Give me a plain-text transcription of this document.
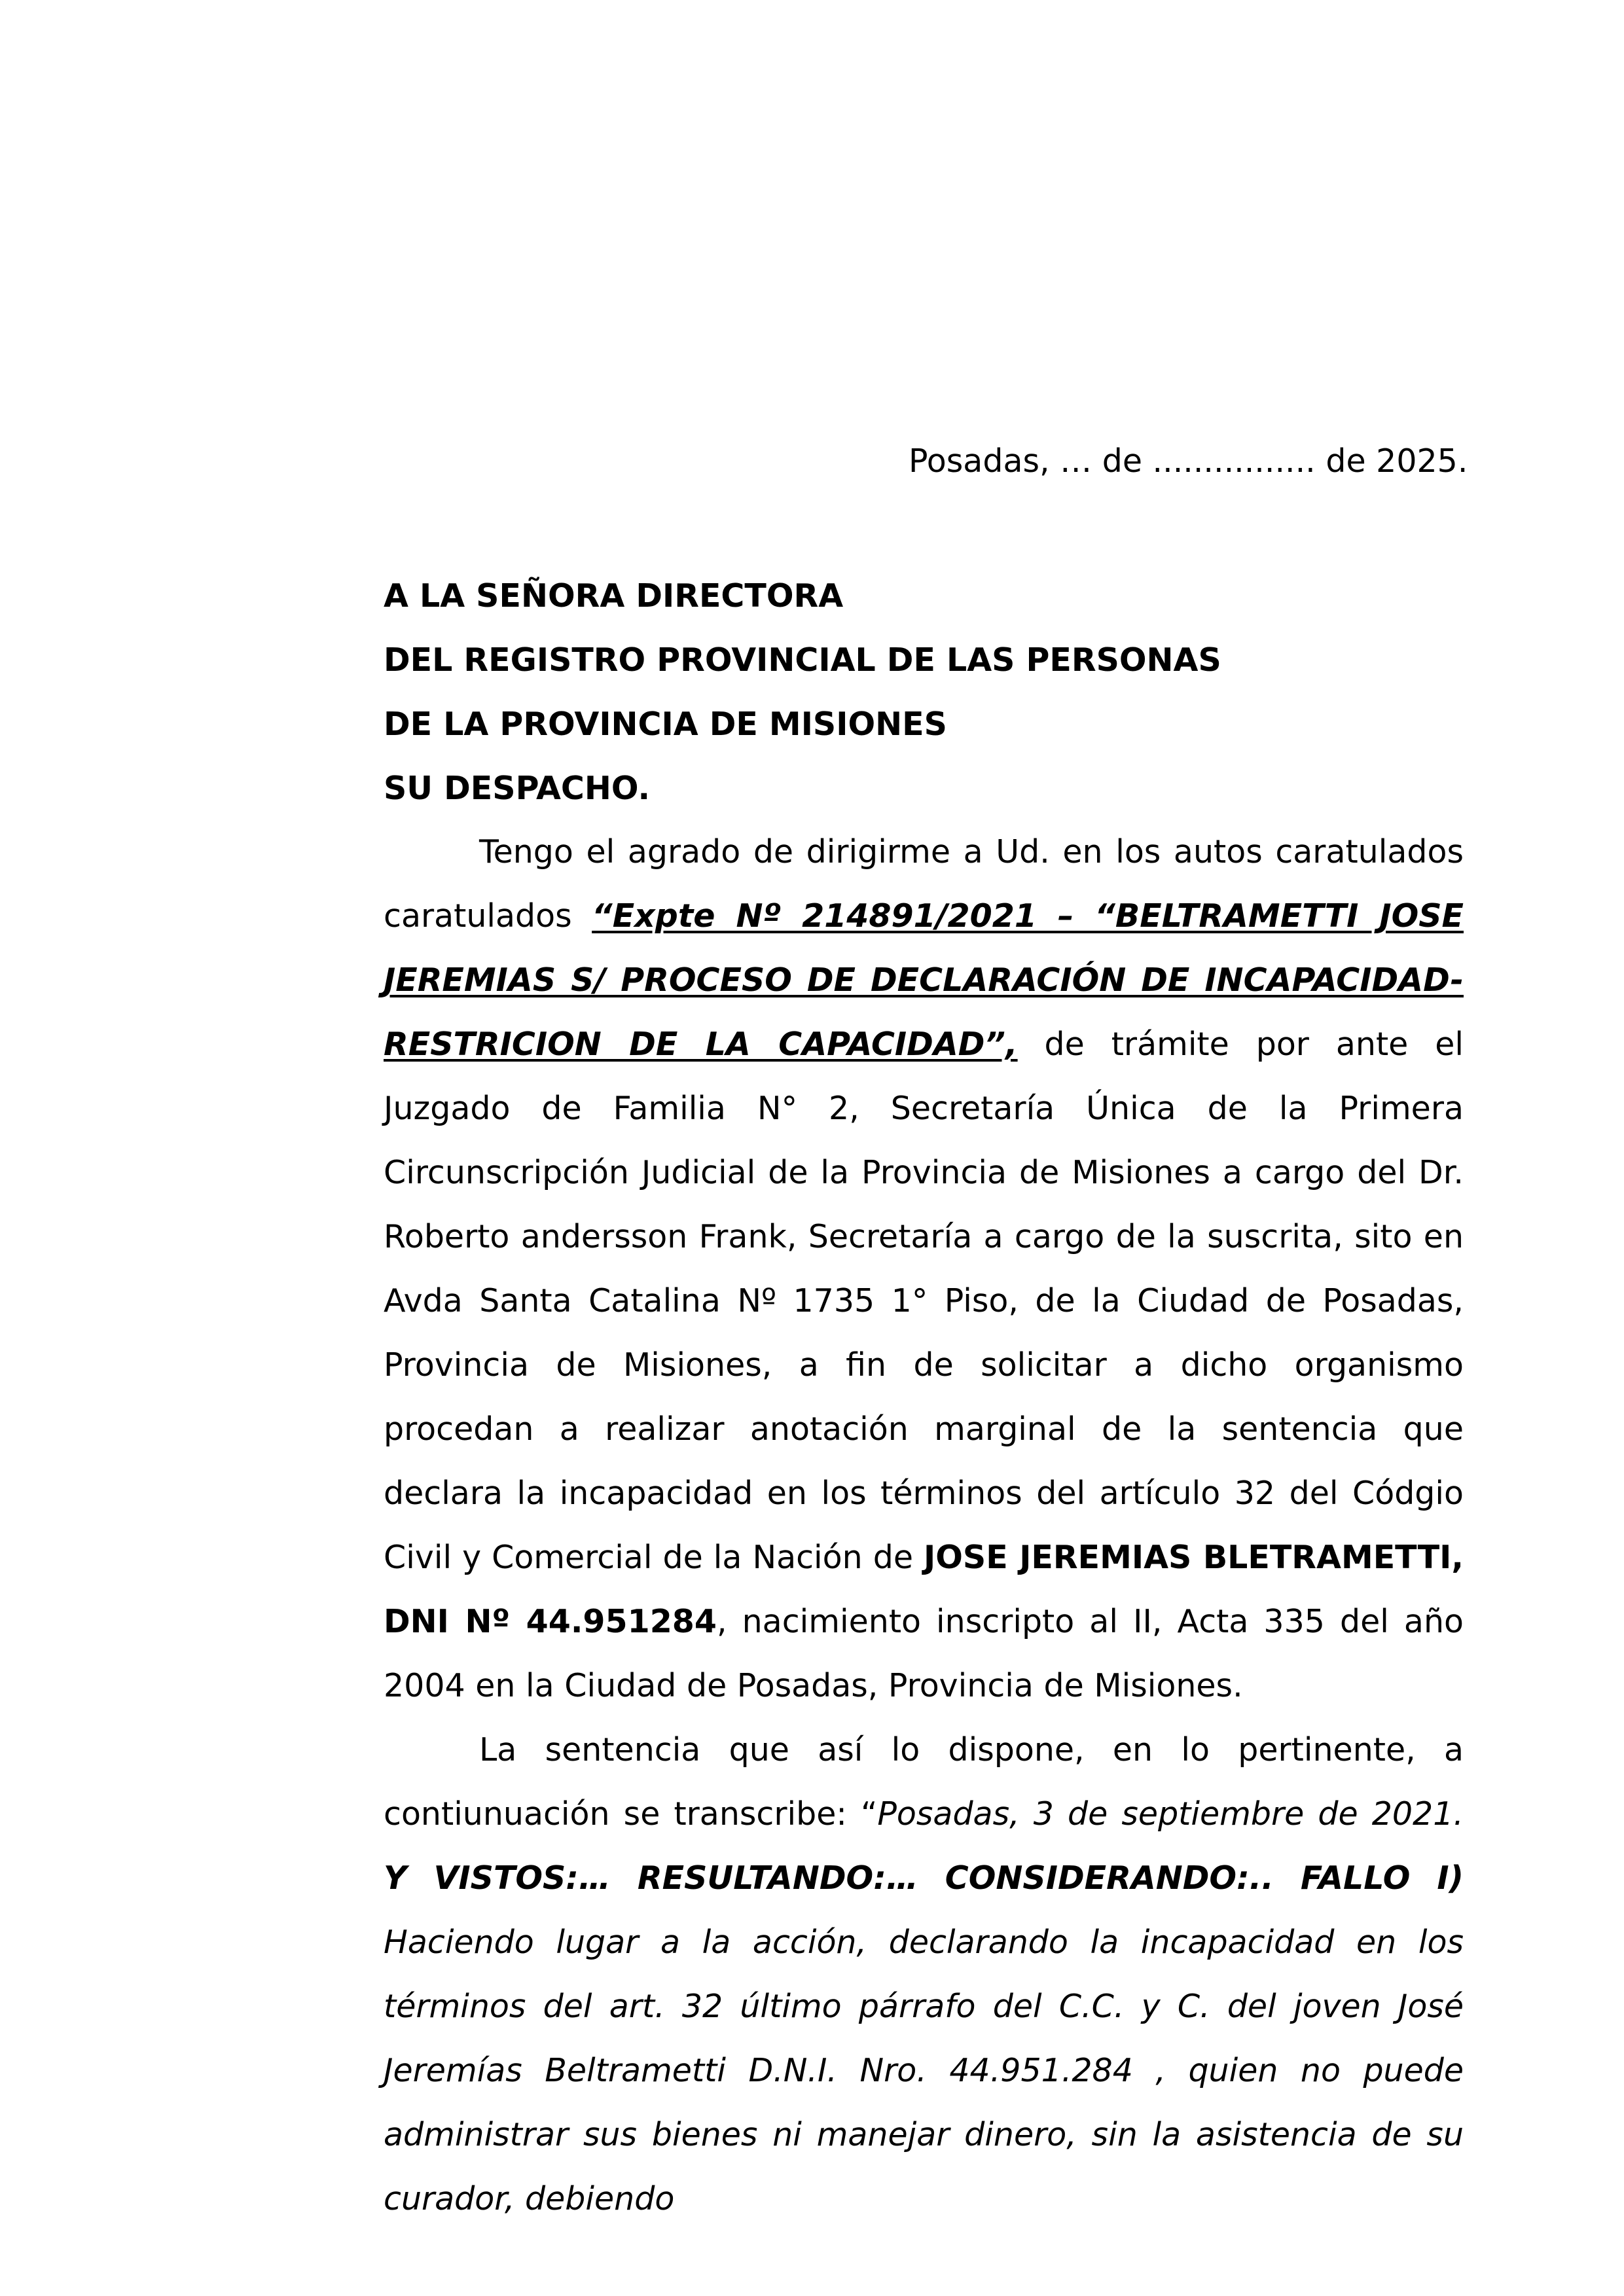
Posadas, … de ................ de 2025.
A LA SEÑORA DIRECTORA
DEL REGISTRO PROVINCIAL DE LAS PERSONAS
DE LA PROVINCIA DE MISIONES
SU DESPACHO.

Tengo el agrado de dirigirme a Ud. en los autos caratulados caratulados “Expte Nº 214891/2021 – “BELTRAMETTI JOSE JEREMIAS S/ PROCESO DE DECLARACIÓN DE INCAPACIDAD-RESTRICION DE LA CAPACIDAD”, de trámite por ante el Juzgado de Familia N° 2, Secretaría Única de la Primera Circunscripción Judicial de la Provincia de Misiones a cargo del Dr. Roberto andersson Frank, Secretaría a cargo de la suscrita, sito en Avda Santa Catalina Nº 1735 1° Piso, de la Ciudad de Posadas, Provincia de Misiones, a fin de solicitar a dicho organismo procedan a realizar anotación marginal de la sentencia que declara la incapacidad en los términos del artículo 32 del Códgio Civil y Comercial de la Nación de JOSE JEREMIAS BLETRAMETTI, DNI Nº 44.951284, nacimiento inscripto al II, Acta 335 del año 2004 en la Ciudad de Posadas, Provincia de Misiones.

La sentencia que así lo dispone, en lo pertinente, a contiunuación se transcribe: “Posadas, 3 de septiembre de 2021. Y VISTOS:… RESULTANDO:… CONSIDERANDO:.. FALLO I) Haciendo lugar a la acción, declarando la incapacidad en los términos del art. 32 último párrafo del C.C. y C. del joven José Jeremías Beltrametti D.N.I. Nro. 44.951.284 , quien no puede administrar sus bienes ni manejar dinero, sin la asistencia de su curador, debiendo
